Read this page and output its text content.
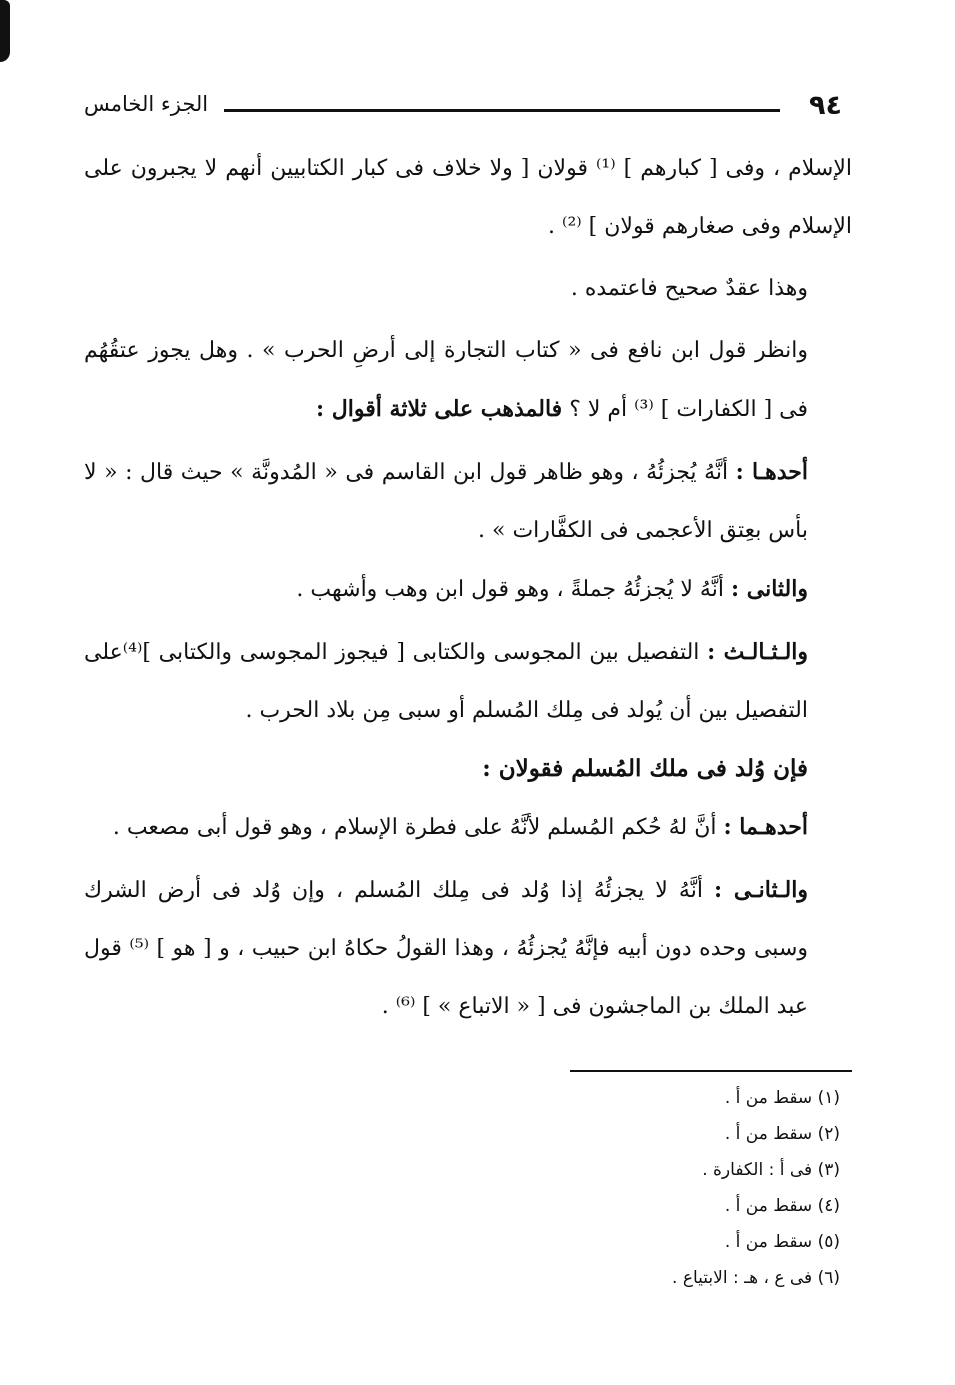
٩٤
الجزء الخامس

الإسلام ، وفى [ كبارهم ] ⁽¹⁾ قولان [ ولا خلاف فى كبار الكتابيين أنهم لا يجبرون على الإسلام وفى صغارهم قولان ] ⁽²⁾ .

وهذا عقدٌ صحيح فاعتمده .

وانظر قول ابن نافع فى « كتاب التجارة إلى أرضِ الحرب » . وهل يجوز عتقُهُم فى [ الكفارات ] ⁽³⁾ أم لا ؟ فالمذهب على ثلاثة أقوال :

أحدهـا : أنَّهُ يُجزئُهُ ، وهو ظاهر قول ابن القاسم فى « المُدونَّة » حيث قال : « لا بأس بعِتق الأعجمى فى الكفَّارات » .

والثانى : أنَّهُ لا يُجزئُهُ جملةً ، وهو قول ابن وهب وأشهب .

والـثـالـث : التفصيل بين المجوسى والكتابى [ فيجوز المجوسى والكتابى ]⁽⁴⁾على التفصيل بين أن يُولد فى مِلك المُسلم أو سبى مِن بلاد الحرب .

فإن وُلد فى ملك المُسلم فقولان :

أحدهـما : أنَّ لهُ حُكم المُسلم لأنَّهُ على فطرة الإسلام ، وهو قول أبى مصعب .

والـثانـى : أنَّهُ لا يجزئُهُ إذا وُلد فى مِلك المُسلم ، وإن وُلد فى أرض الشرك وسبى وحده دون أبيه فإنَّهُ يُجزئُهُ ، وهذا القولُ حكاهُ ابن حبيب ، و [ هو ] ⁽⁵⁾ قول عبد الملك بن الماجشون فى [ « الاتباع » ] ⁽⁶⁾ .

(١) سقط من أ .

(٢) سقط من أ .

(٣) فى أ : الكفارة .

(٤) سقط من أ .

(٥) سقط من أ .

(٦) فى ع ، هـ : الابتياع .
